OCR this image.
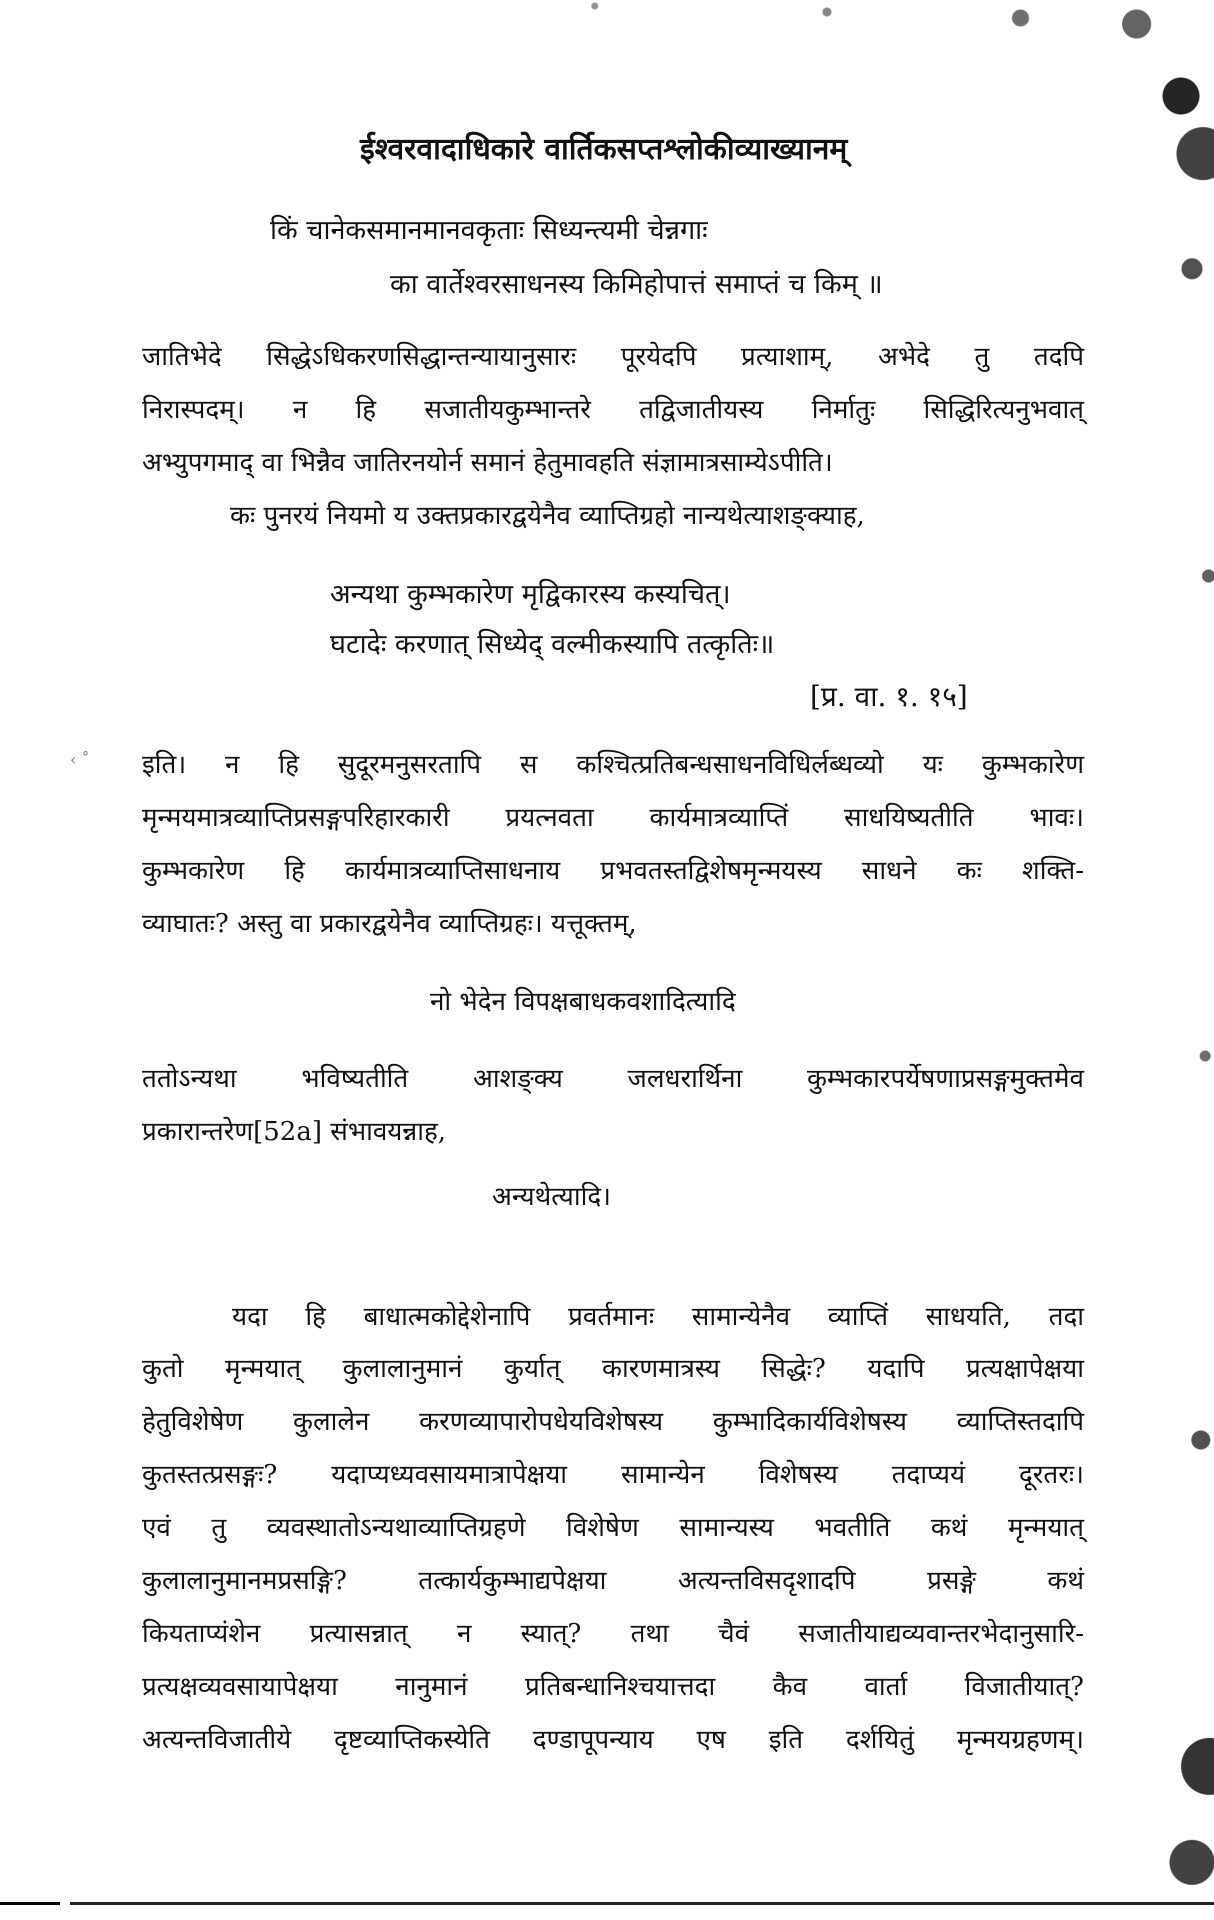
ईश्वरवादाधिकारे वार्तिकसप्तश्लोकीव्याख्यानम्
किं चानेकसमानमानवकृताः सिध्यन्त्यमी चेन्नगाः
का वार्तेश्वरसाधनस्य किमिहोपात्तं समाप्तं च किम् ॥
जातिभेदे सिद्धेऽधिकरणसिद्धान्तन्यायानुसारः पूरयेदपि प्रत्याशाम्, अभेदे तु तदपि
निरास्पदम्। न हि सजातीयकुम्भान्तरे तद्विजातीयस्य निर्मातुः सिद्धिरित्यनुभवात्
अभ्युपगमाद् वा भिन्नैव जातिरनयोर्न समानं हेतुमावहति संज्ञामात्रसाम्येऽपीति।
कः पुनरयं नियमो य उक्तप्रकारद्वयेनैव व्याप्तिग्रहो नान्यथेत्याशङ्क्याह,
अन्यथा कुम्भकारेण मृद्विकारस्य कस्यचित्।
घटादेः करणात् सिध्येद् वल्मीकस्यापि तत्कृतिः॥
[प्र. वा. १. १५]
‹ ˚ इति। न हि सुदूरमनुसरतापि स कश्चित्प्रतिबन्धसाधनविधिर्लब्धव्यो यः कुम्भकारेण
मृन्मयमात्रव्याप्तिप्रसङ्गपरिहारकारी प्रयत्नवता कार्यमात्रव्याप्तिं साधयिष्यतीति भावः।
कुम्भकारेण हि कार्यमात्रव्याप्तिसाधनाय प्रभवतस्तद्विशेषमृन्मयस्य साधने कः शक्ति-
व्याघातः? अस्तु वा प्रकारद्वयेनैव व्याप्तिग्रहः। यत्तूक्तम्,
नो भेदेन विपक्षबाधकवशादित्यादि
ततोऽन्यथा भविष्यतीति आशङ्क्य जलधरार्थिना कुम्भकारपर्येषणाप्रसङ्गमुक्तमेव
प्रकारान्तरेण[52a] संभावयन्नाह,
अन्यथेत्यादि।
यदा हि बाधात्मकोद्देशेनापि प्रवर्तमानः सामान्येनैव व्याप्तिं साधयति, तदा
कुतो मृन्मयात् कुलालानुमानं कुर्यात् कारणमात्रस्य सिद्धेः? यदापि प्रत्यक्षापेक्षया
हेतुविशेषेण कुलालेन करणव्यापारोपधेयविशेषस्य कुम्भादिकार्यविशेषस्य व्याप्तिस्तदापि
कुतस्तत्प्रसङ्गः? यदाप्यध्यवसायमात्रापेक्षया सामान्येन विशेषस्य तदाप्ययं दूरतरः।
एवं तु व्यवस्थातोऽन्यथाव्याप्तिग्रहणे विशेषेण सामान्यस्य भवतीति कथं मृन्मयात्
कुलालानुमानमप्रसङ्गि? तत्कार्यकुम्भाद्यपेक्षया अत्यन्तविसदृशादपि प्रसङ्गे कथं
कियताप्यंशेन प्रत्यासन्नात् न स्यात्? तथा चैवं सजातीयाद्यव्यवान्तरभेदानुसारि-
प्रत्यक्षव्यवसायापेक्षया नानुमानं प्रतिबन्धानिश्चयात्तदा कैव वार्ता विजातीयात्?
अत्यन्तविजातीये दृष्टव्याप्तिकस्येति दण्डापूपन्याय एष इति दर्शयितुं मृन्मयग्रहणम्।
